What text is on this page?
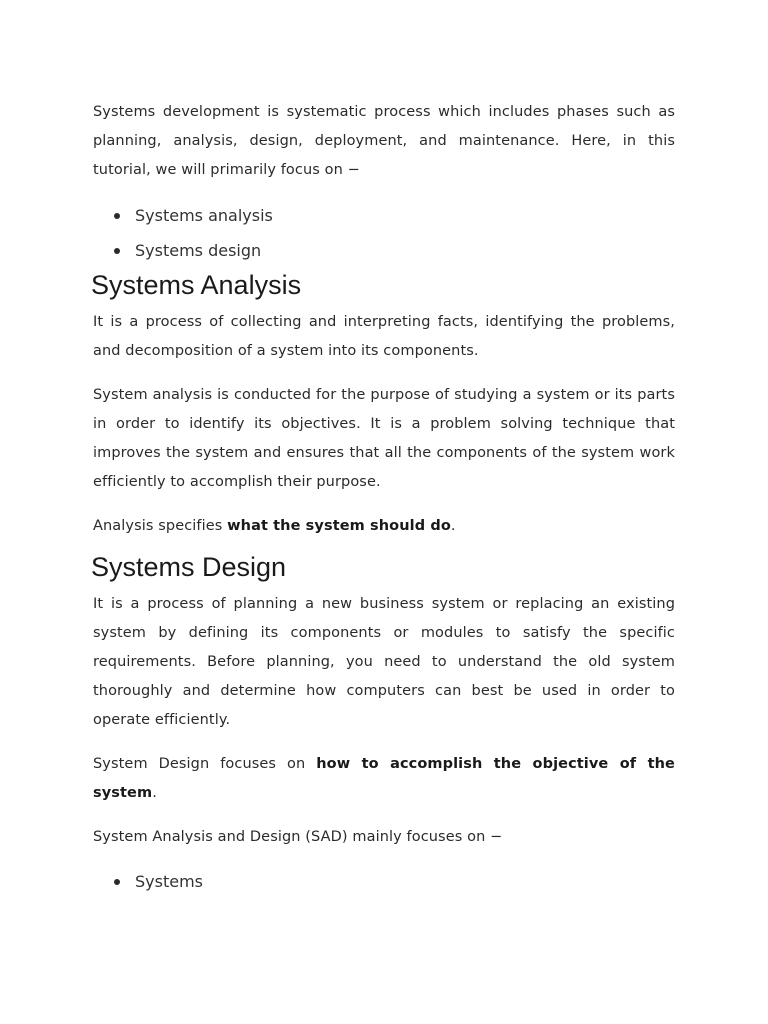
Systems development is systematic process which includes phases such as planning, analysis, design, deployment, and maintenance. Here, in this tutorial, we will primarily focus on −

Systems analysis
Systems design
Systems Analysis

It is a process of collecting and interpreting facts, identifying the problems, and decomposition of a system into its components.

System analysis is conducted for the purpose of studying a system or its parts in order to identify its objectives. It is a problem solving technique that improves the system and ensures that all the components of the system work efficiently to accomplish their purpose.

Analysis specifies what the system should do.

Systems Design

It is a process of planning a new business system or replacing an existing system by defining its components or modules to satisfy the specific requirements. Before planning, you need to understand the old system thoroughly and determine how computers can best be used in order to operate efficiently.

System Design focuses on how to accomplish the objective of the system.

System Analysis and Design (SAD) mainly focuses on −

Systems
